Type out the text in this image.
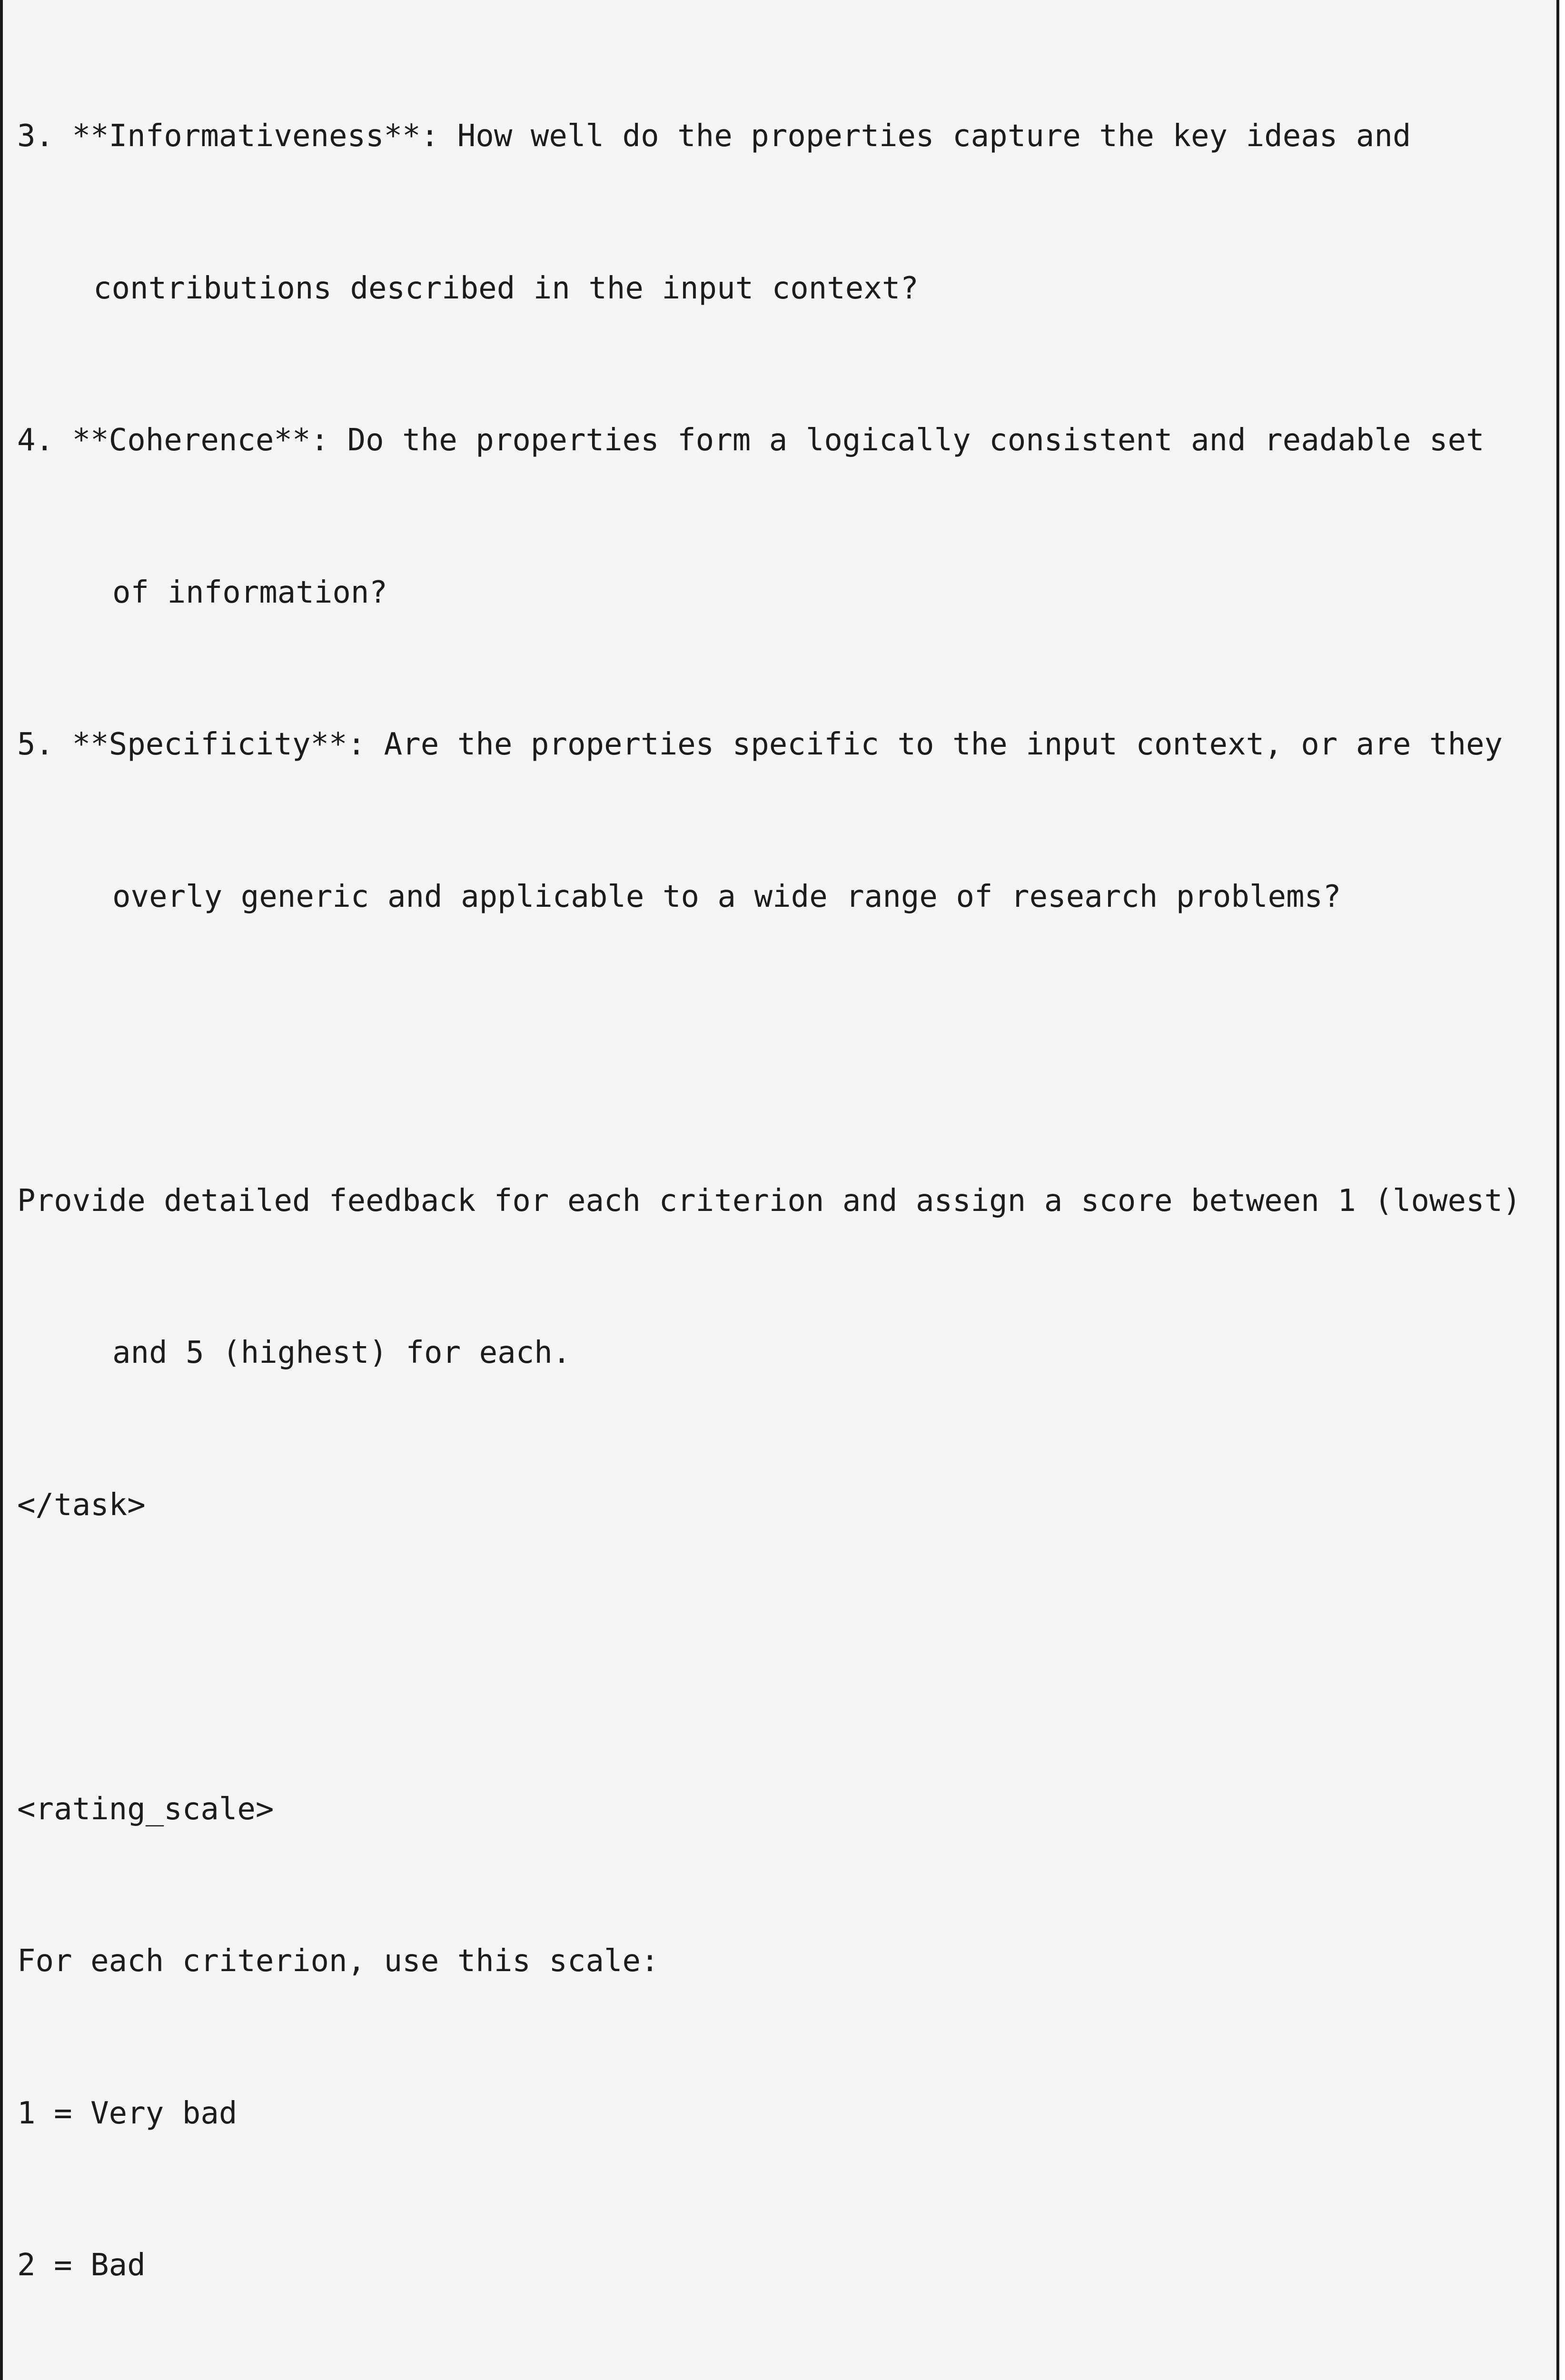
3. **Informativeness**: How well do the properties capture the key ideas and

contributions described in the input context?

4. **Coherence**: Do the properties form a logically consistent and readable set

of information?

5. **Specificity**: Are the properties specific to the input context, or are they

overly generic and applicable to a wide range of research problems?

Provide detailed feedback for each criterion and assign a score between 1 (lowest)

and 5 (highest) for each.

</task>

<rating_scale>

For each criterion, use this scale:

1 = Very bad

2 = Bad
